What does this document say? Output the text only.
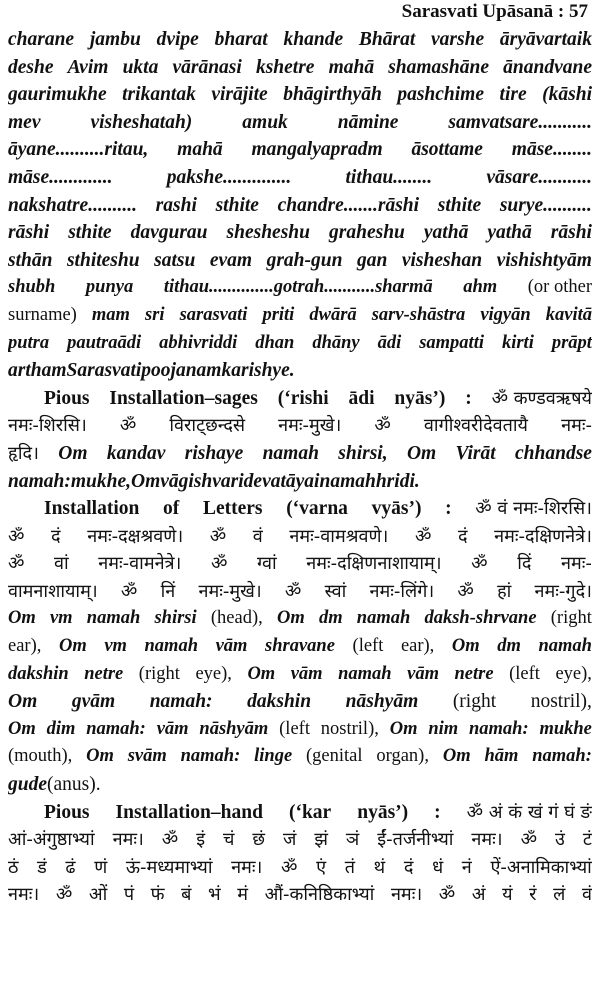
Sarasvati Upāsanā : 57
charane jambu dvipe bharat khande Bhārat varshe āryāvartaik
deshe Avim ukta vārānasi kshetre mahā shamashāne ānandvane
gaurimukhe trikantak virājite bhāgirthyāh pashchime tire (kāshi
mev	visheshatah)	amuk	nāmine	samvatsare...........
āyane..........ritau, mahā mangalyapradm āsottame māse........
māse.............	pakshe..............	tithau........	vāsare...........
nakshatre.......... rashi sthite chandre.......rāshi sthite surye..........
rāshi sthite davgurau shesheshu graheshu yathā yathā rāshi
sthān sthiteshu satsu evam grah-gun gan visheshan vishishtyām
shubh punya tithau..............gotrah...........sharmā ahm (or other
surname) mam sri sarasvati priti dwārā sarv-shāstra vigyān kavitā
putra pautraādi abhivriddi dhan dhāny ādi sampatti kirti prāpt
artham Sarasvati poojanam karishye.
Pious Installation–sages (‘rishi ādi nyās’) : ॐ कण्डवऋषये
नमः-शिरसि। ॐ विराट्छन्दसे नमः-मुखे। ॐ वागीश्वरीदेवतायै नमः-
हृदि। Om kandav rishaye namah shirsi, Om Virāt chhandse
namah:mukhe, Om vāg ishvari devatāyai namahhridi.
Installation of Letters (‘varna vyās’) : ॐ वं नमः-शिरसि।
ॐ दं नमः-दक्षश्रवणे। ॐ वं नमः-वामश्रवणे। ॐ दं नमः-दक्षिणनेत्रे।
ॐ वां नमः-वामनेत्रे। ॐ ग्वां नमः-दक्षिणनाशायाम्। ॐ दिं नमः-
वामनाशायाम्। ॐ निं नमः-मुखे। ॐ स्वां नमः-लिंगे। ॐ हां नमः-गुदे।
Om vm namah shirsi (head), Om dm namah daksh-shrvane (right
ear), Om vm namah vām shravane (left ear), Om dm namah
dakshin netre (right eye), Om vām namah vām netre (left eye),
Om gvām namah: dakshin nāshyām (right nostril),
Om dim namah: vām nāshyām (left nostril), Om nim namah: mukhe
(mouth), Om svām namah: linge (genital organ), Om hām namah:
gude (anus).
Pious Installation–hand (‘kar nyās’) : ॐ अं कं खं गं घं ङं
आं-अंगुष्ठाभ्यां नमः। ॐ इं चं छं जं झं ञं ईं-तर्जनीभ्यां नमः। ॐ उं टं
ठं डं ढं णं ऊं-मध्यमाभ्यां नमः। ॐ एं तं थं दं धं नं ऐं-अनामिकाभ्यां
नमः। ॐ ओं पं फं बं भं मं औं-कनिष्ठिकाभ्यां नमः। ॐ अं यं रं लं वं
